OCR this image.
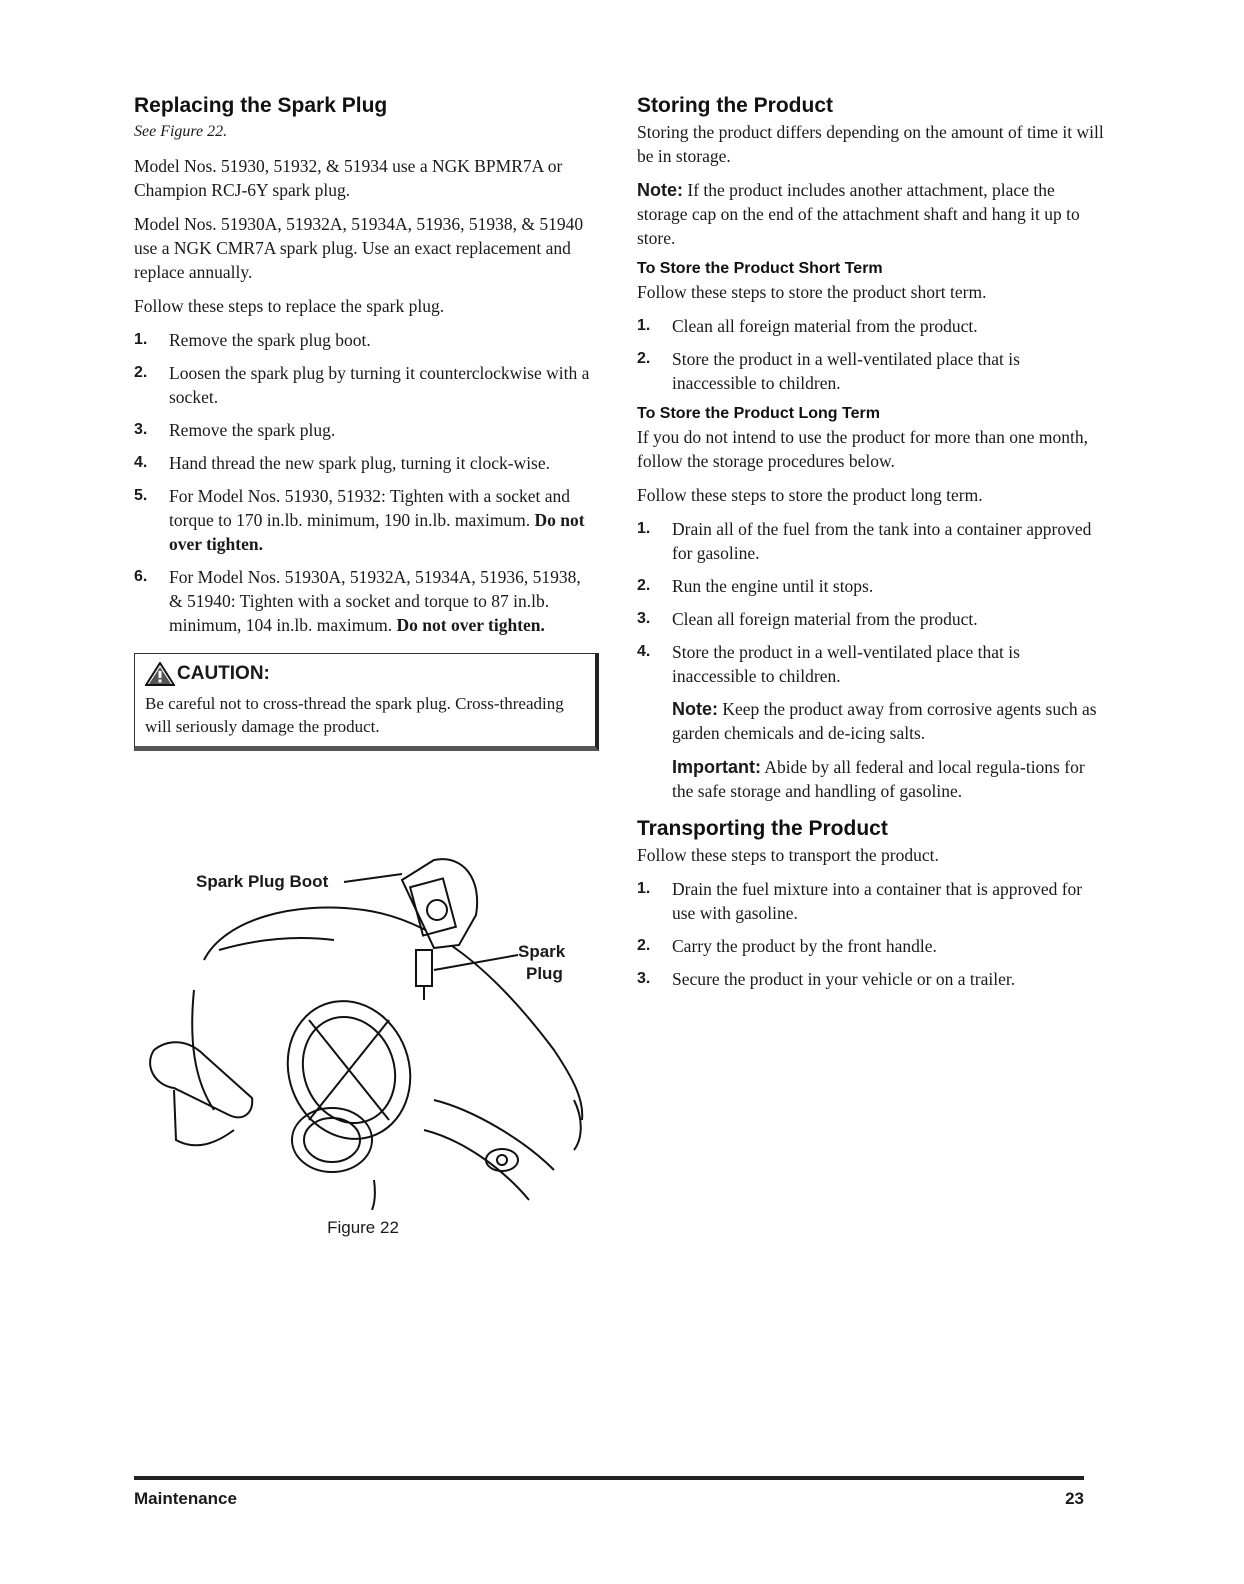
Replacing the Spark Plug

See Figure 22.

Model Nos. 51930, 51932, & 51934 use a NGK BPMR7A or Champion RCJ-6Y spark plug.

Model Nos. 51930A, 51932A, 51934A, 51936, 51938, & 51940 use a NGK CMR7A spark plug. Use an exact replacement and replace annually.

Follow these steps to replace the spark plug.

1. Remove the spark plug boot.
2. Loosen the spark plug by turning it counterclockwise with a socket.
3. Remove the spark plug.
4. Hand thread the new spark plug, turning it clock-wise.
5. For Model Nos. 51930, 51932: Tighten with a socket and torque to 170 in.lb. minimum, 190 in.lb. maximum. Do not over tighten.
6. For Model Nos. 51930A, 51932A, 51934A, 51936, 51938, & 51940: Tighten with a socket and torque to 87 in.lb. minimum, 104 in.lb. maximum. Do not over tighten.
CAUTION:

Be careful not to cross-thread the spark plug. Cross-threading will seriously damage the product.

Spark Plug Boot
Spark
Plug
Figure 22
Storing the Product

Storing the product differs depending on the amount of time it will be in storage.

Note: If the product includes another attachment, place the storage cap on the end of the attachment shaft and hang it up to store.

To Store the Product Short Term

Follow these steps to store the product short term.

1. Clean all foreign material from the product.
2. Store the product in a well-ventilated place that is inaccessible to children.
To Store the Product Long Term

If you do not intend to use the product for more than one month, follow the storage procedures below.

Follow these steps to store the product long term.

1. Drain all of the fuel from the tank into a container approved for gasoline.
2. Run the engine until it stops.
3. Clean all foreign material from the product.
4. Store the product in a well-ventilated place that is inaccessible to children.

Note: Keep the product away from corrosive agents such as garden chemicals and de-icing salts.

Important: Abide by all federal and local regula-tions for the safe storage and handling of gasoline.

Transporting the Product

Follow these steps to transport the product.

1. Drain the fuel mixture into a container that is approved for use with gasoline.
2. Carry the product by the front handle.
3. Secure the product in your vehicle or on a trailer.
Maintenance	23
